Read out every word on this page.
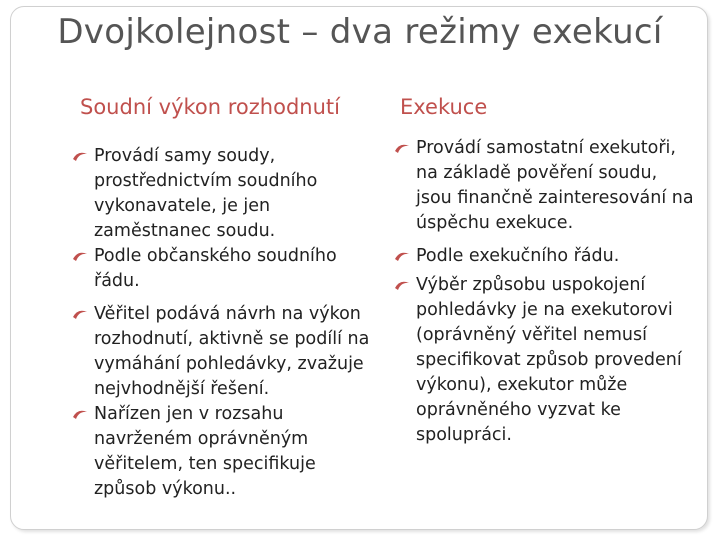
Dvojkolejnost – dva režimy exekucí
Soudní výkon rozhodnutí	Exekuce
Provádí samy soudy, prostřednictvím soudního vykonavatele, je jen zaměstnanec soudu.
Podle občanského soudního řádu.
Věřitel podává návrh na výkon rozhodnutí, aktivně se podílí na vymáhání pohledávky, zvažuje nejvhodnější řešení.
Nařízen jen v rozsahu navrženém oprávněným věřitelem, ten specifikuje způsob výkonu..
Provádí samostatní exekutoři, na základě pověření soudu, jsou finančně zainteresování na úspěchu exekuce.
Podle exekučního řádu.
Výběr způsobu uspokojení pohledávky je na exekutorovi (oprávněný věřitel nemusí specifikovat způsob provedení výkonu), exekutor může oprávněného vyzvat ke spolupráci.
